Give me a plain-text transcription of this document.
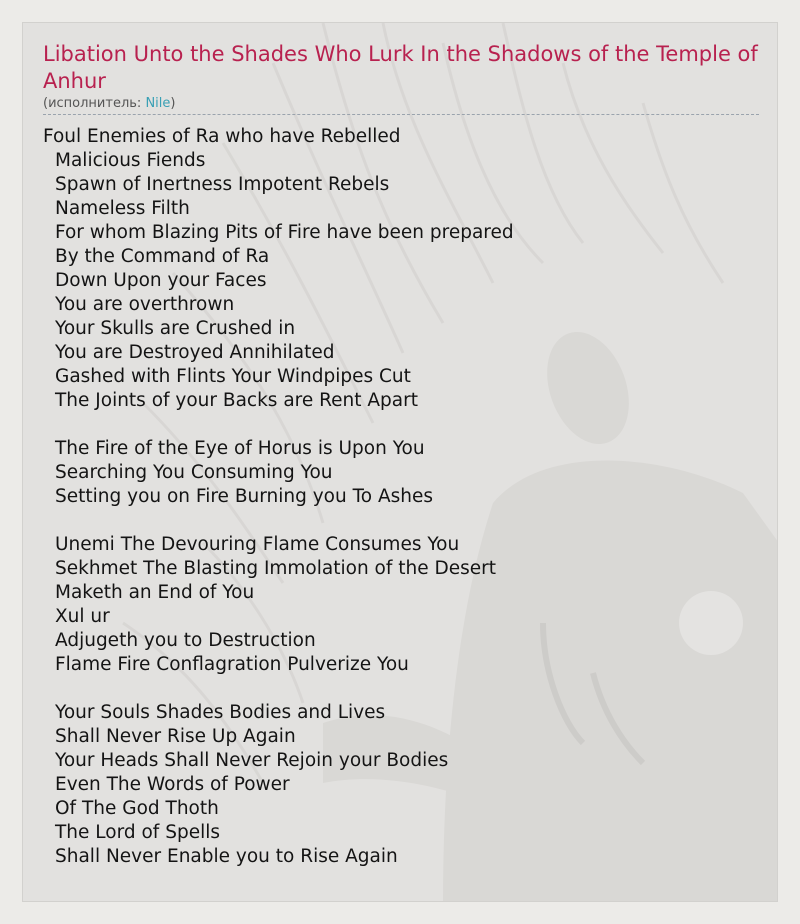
Libation Unto the Shades Who Lurk In the Shadows of the Temple of Anhur
(исполнитель: Nile)
Foul Enemies of Ra who have Rebelled
Malicious Fiends
Spawn of Inertness Impotent Rebels
Nameless Filth
For whom Blazing Pits of Fire have been prepared
By the Command of Ra
Down Upon your Faces
You are overthrown
Your Skulls are Crushed in
You are Destroyed Annihilated
Gashed with Flints Your Windpipes Cut
The Joints of your Backs are Rent Apart
The Fire of the Eye of Horus is Upon You
Searching You Consuming You
Setting you on Fire Burning you To Ashes
Unemi The Devouring Flame Consumes You
Sekhmet The Blasting Immolation of the Desert
Maketh an End of You
Xul ur
Adjugeth you to Destruction
Flame Fire Conflagration Pulverize You
Your Souls Shades Bodies and Lives
Shall Never Rise Up Again
Your Heads Shall Never Rejoin your Bodies
Even The Words of Power
Of The God Thoth
The Lord of Spells
Shall Never Enable you to Rise Again
